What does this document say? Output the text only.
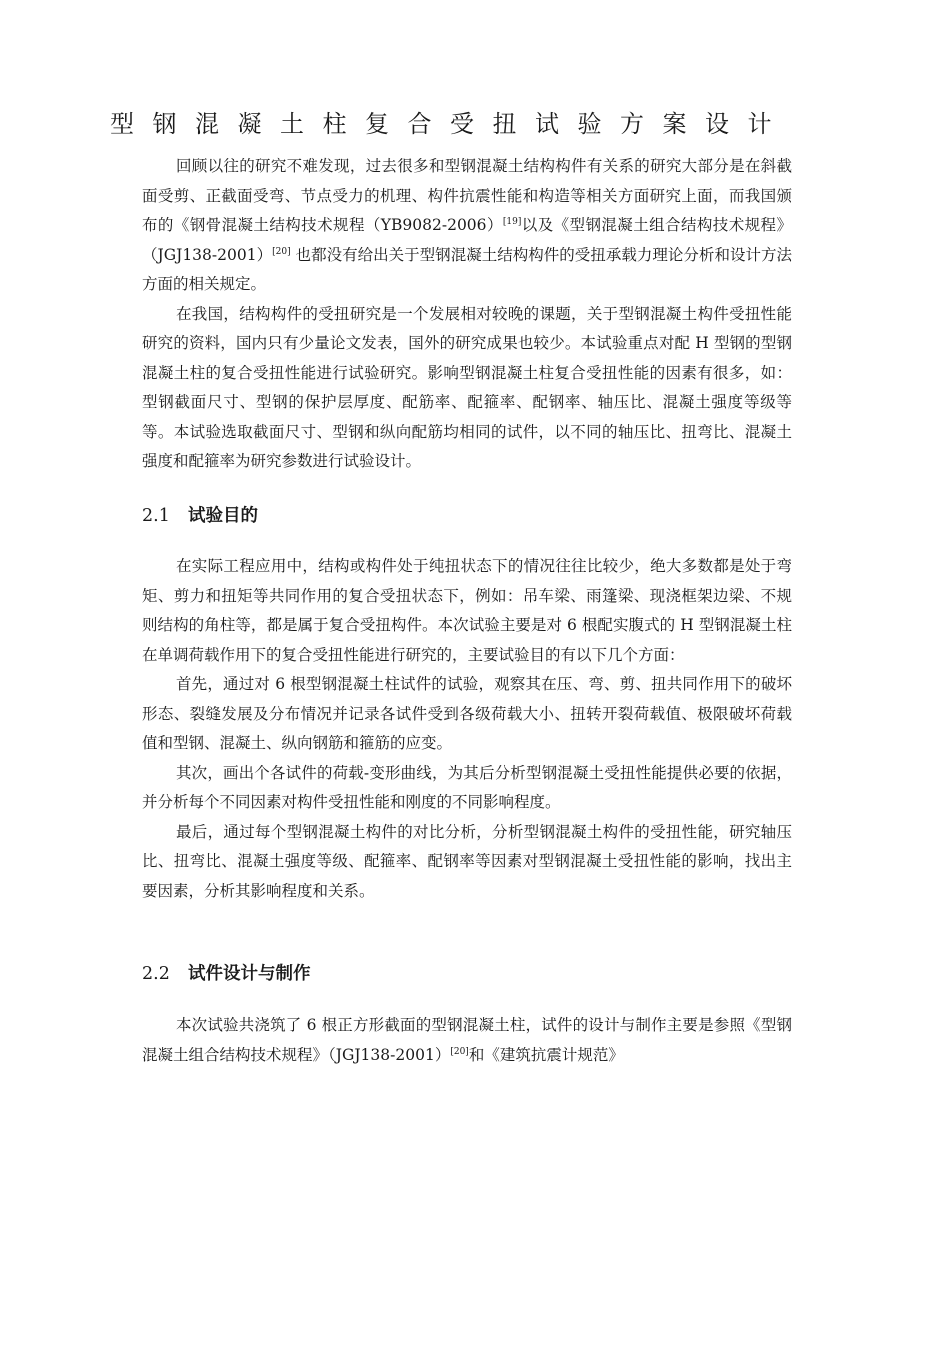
型钢混凝土柱复合受扭试验方案设计

回顾以往的研究不难发现，过去很多和型钢混凝土结构构件有关系的研究大部分是在斜截面受剪、正截面受弯、节点受力的机理、构件抗震性能和构造等相关方面研究上面，而我国颁布的《钢骨混凝土结构技术规程（YB9082-2006）[19]以及《型钢混凝土组合结构技术规程》（JGJ138-2001）[20] 也都没有给出关于型钢混凝土结构构件的受扭承载力理论分析和设计方法方面的相关规定。

在我国，结构构件的受扭研究是一个发展相对较晚的课题，关于型钢混凝土构件受扭性能研究的资料，国内只有少量论文发表，国外的研究成果也较少。本试验重点对配 H 型钢的型钢混凝土柱的复合受扭性能进行试验研究。影响型钢混凝土柱复合受扭性能的因素有很多，如：型钢截面尺寸、型钢的保护层厚度、配筋率、配箍率、配钢率、轴压比、混凝土强度等级等等。本试验选取截面尺寸、型钢和纵向配筋均相同的试件，以不同的轴压比、扭弯比、混凝土强度和配箍率为研究参数进行试验设计。

2.1 试验目的

在实际工程应用中，结构或构件处于纯扭状态下的情况往往比较少，绝大多数都是处于弯矩、剪力和扭矩等共同作用的复合受扭状态下，例如：吊车梁、雨篷梁、现浇框架边梁、不规则结构的角柱等，都是属于复合受扭构件。本次试验主要是对 6 根配实腹式的 H 型钢混凝土柱在单调荷载作用下的复合受扭性能进行研究的，主要试验目的有以下几个方面：

首先，通过对 6 根型钢混凝土柱试件的试验，观察其在压、弯、剪、扭共同作用下的破坏形态、裂缝发展及分布情况并记录各试件受到各级荷载大小、扭转开裂荷载值、极限破坏荷载值和型钢、混凝土、纵向钢筋和箍筋的应变。

其次，画出个各试件的荷载-变形曲线，为其后分析型钢混凝土受扭性能提供必要的依据，并分析每个不同因素对构件受扭性能和刚度的不同影响程度。

最后，通过每个型钢混凝土构件的对比分析，分析型钢混凝土构件的受扭性能，研究轴压比、扭弯比、混凝土强度等级、配箍率、配钢率等因素对型钢混凝土受扭性能的影响，找出主要因素，分析其影响程度和关系。

2.2 试件设计与制作

本次试验共浇筑了 6 根正方形截面的型钢混凝土柱，试件的设计与制作主要是参照《型钢混凝土组合结构技术规程》（JGJ138-2001）[20]和《建筑抗震计规范》
